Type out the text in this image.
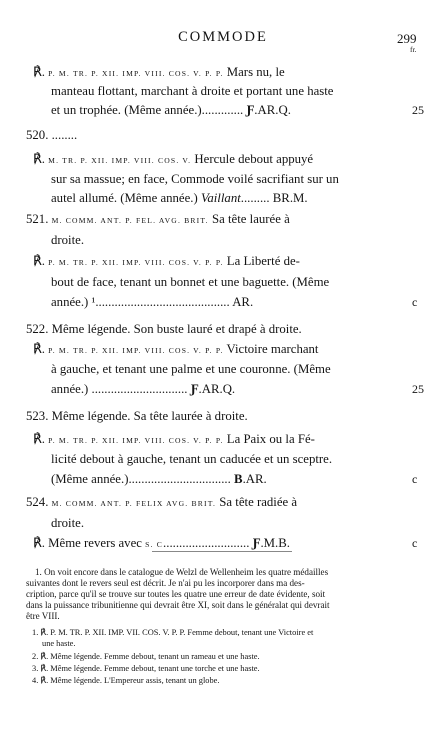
COMMODE	299
fr.
℟. P. M. TR. P. XII. IMP. VIII. COS. V. P. P. Mars nu, le
manteau flottant, marchant à droite et portant une haste
et un trophée. (Même année.)............. Ƒ.AR.Q.	25
520. ........
℟. M. TR. P. XII. IMP. VIII. COS. V. Hercule debout appuyé
sur sa massue; en face, Commode voilé sacrifiant sur un
autel allumé. (Même année.) Vaillant......... BR.M.
521. M. COMM. ANT. P. FEL. AVG. BRIT. Sa tête laurée à
droite.
℟. P. M. TR. P. XII. IMP. VIII. COS. V. P. P. La Liberté de-
bout de face, tenant un bonnet et une baguette. (Même
année.) ¹.......................................... AR.	c
522. Même légende. Son buste lauré et drapé à droite.
℟. P. M. TR. P. XII. IMP. VIII. COS. V. P. P. Victoire marchant
à gauche, et tenant une palme et une couronne. (Même
année.) .............................. Ƒ.AR.Q.	25
523. Même légende. Sa tête laurée à droite.
℟. P. M. TR. P. XII. IMP. VIII. COS. V. P. P. La Paix ou la Fé-
licité debout à gauche, tenant un caducée et un sceptre.
(Même année.)................................ B.AR.	c
524. M. COMM. ANT. P. FELIX AVG. BRIT. Sa tête radiée à
droite.
℟. Même revers avec S. C........................... Ƒ.M.B.	c
1. On voit encore dans le catalogue de Welzl de Wellenheim les quatre médailles
suivantes dont le revers seul est décrit. Je n'ai pu les incorporer dans ma des-
cription, parce qu'il se trouve sur toutes les quatre une erreur de date évidente, soit
dans la puissance tribunitienne qui devrait être XI, soit dans le généralat qui devrait
être VIII.
1. ℟. P. M. TR. P. XII. IMP. VII. COS. V. P. P. Femme debout, tenant une Victoire et
une haste.
2. ℟. Même légende. Femme debout, tenant un rameau et une haste.
3. ℟. Même légende. Femme debout, tenant une torche et une haste.
4. ℟. Même légende. L'Empereur assis, tenant un globe.
